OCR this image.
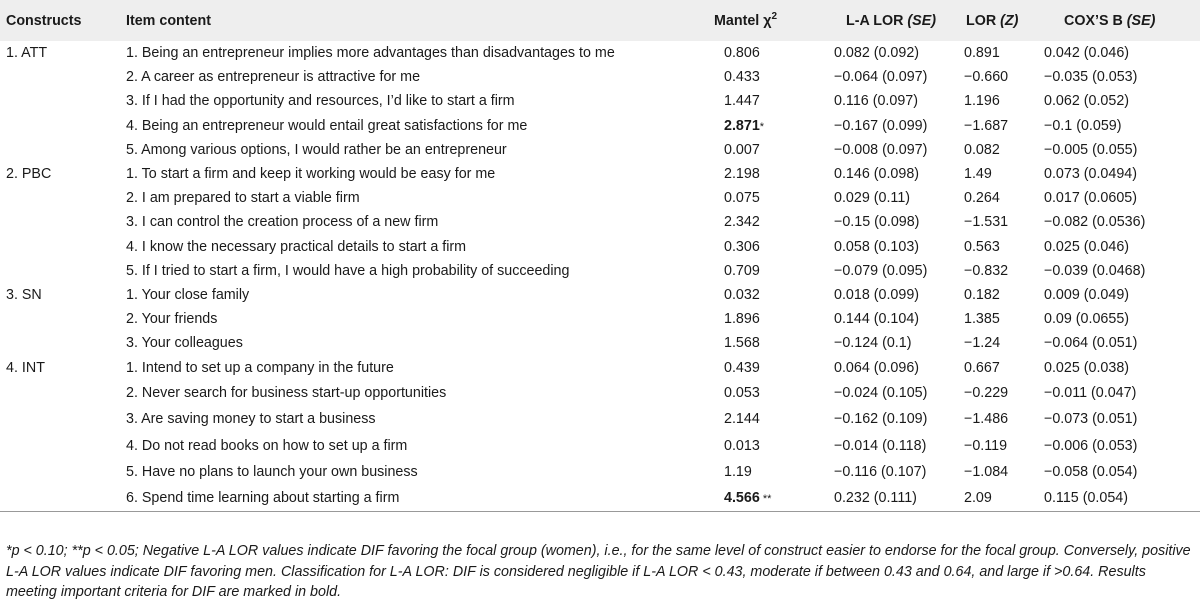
Constructs	Item content	Mantel $\chi^2$	L-A LOR (SE)	LOR (Z)	COX’S B (SE)
1. ATT	1. Being an entrepreneur implies more advantages than disadvantages to me	0.806	0.082 (0.092)	0.891	0.042 (0.046)
	2. A career as entrepreneur is attractive for me	0.433	−0.064 (0.097)	−0.660	−0.035 (0.053)
	3. If I had the opportunity and resources, I’d like to start a firm	1.447	0.116 (0.097)	1.196	0.062 (0.052)
	4. Being an entrepreneur would entail great satisfactions for me	2.871*	−0.167 (0.099)	−1.687	−0.1 (0.059)
	5. Among various options, I would rather be an entrepreneur	0.007	−0.008 (0.097)	0.082	−0.005 (0.055)
2. PBC	1. To start a firm and keep it working would be easy for me	2.198	0.146 (0.098)	1.49	0.073 (0.0494)
	2. I am prepared to start a viable firm	0.075	0.029 (0.11)	0.264	0.017 (0.0605)
	3. I can control the creation process of a new firm	2.342	−0.15 (0.098)	−1.531	−0.082 (0.0536)
	4. I know the necessary practical details to start a firm	0.306	0.058 (0.103)	0.563	0.025 (0.046)
	5. If I tried to start a firm, I would have a high probability of succeeding	0.709	−0.079 (0.095)	−0.832	−0.039 (0.0468)
3. SN	1. Your close family	0.032	0.018 (0.099)	0.182	0.009 (0.049)
	2. Your friends	1.896	0.144 (0.104)	1.385	0.09 (0.0655)
	3. Your colleagues	1.568	−0.124 (0.1)	−1.24	−0.064 (0.051)
4. INT	1. Intend to set up a company in the future	0.439	0.064 (0.096)	0.667	0.025 (0.038)
	2. Never search for business start-up opportunities	0.053	−0.024 (0.105)	−0.229	−0.011 (0.047)
	3. Are saving money to start a business	2.144	−0.162 (0.109)	−1.486	−0.073 (0.051)
	4. Do not read books on how to set up a firm	0.013	−0.014 (0.118)	−0.119	−0.006 (0.053)
	5. Have no plans to launch your own business	1.19	−0.116 (0.107)	−1.084	−0.058 (0.054)
	6. Spend time learning about starting a firm	4.566 **	0.232 (0.111)	2.09	0.115 (0.054)
*p < 0.10; **p < 0.05; Negative L-A LOR values indicate DIF favoring the focal group (women), i.e., for the same level of construct easier to endorse for the focal group. Conversely, positive L-A LOR values indicate DIF favoring men. Classification for L-A LOR: DIF is considered negligible if L-A LOR < 0.43, moderate if between 0.43 and 0.64, and large if >0.64. Results meeting important criteria for DIF are marked in bold.
